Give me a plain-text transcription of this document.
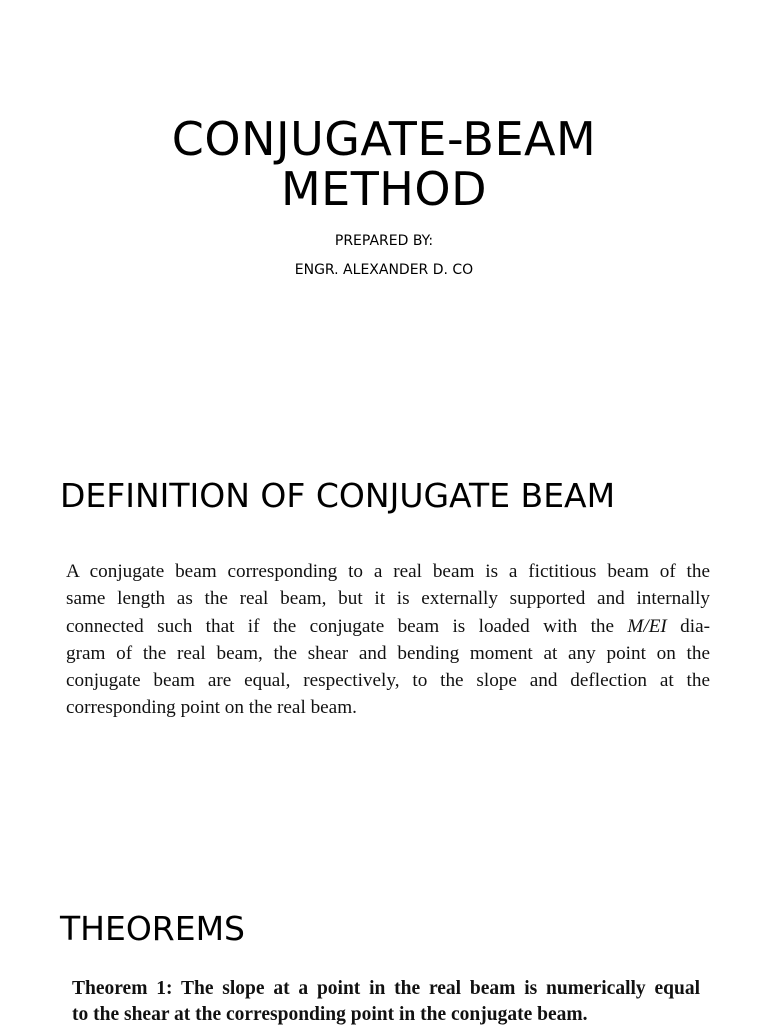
CONJUGATE-BEAM
METHOD

PREPARED BY:

ENGR. ALEXANDER D. CO

DEFINITION OF CONJUGATE BEAM
A conjugate beam corresponding to a real beam is a fictitious beam of the
same length as the real beam, but it is externally supported and internally
connected such that if the conjugate beam is loaded with the M/EI dia-
gram of the real beam, the shear and bending moment at any point on the
conjugate beam are equal, respectively, to the slope and deflection at the
corresponding point on the real beam.
THEOREMS
Theorem 1: The slope at a point in the real beam is numerically equal
to the shear at the corresponding point in the conjugate beam.
